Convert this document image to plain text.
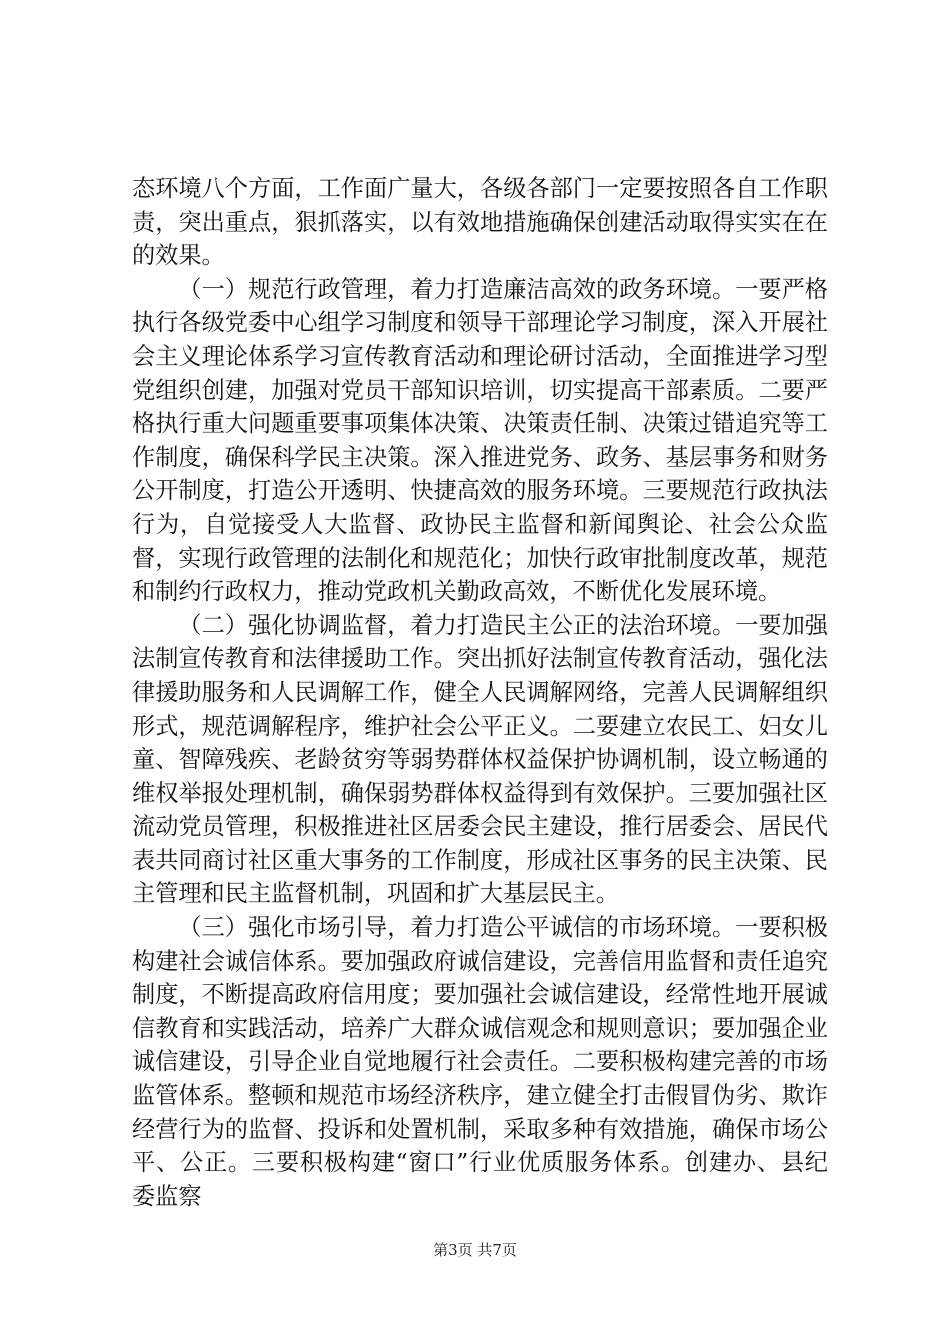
态环境八个方面，工作面广量大，各级各部门一定要按照各自工作职责，突出重点，狠抓落实，以有效地措施确保创建活动取得实实在在的效果。

（一）规范行政管理，着力打造廉洁高效的政务环境。一要严格执行各级党委中心组学习制度和领导干部理论学习制度，深入开展社会主义理论体系学习宣传教育活动和理论研讨活动，全面推进学习型党组织创建，加强对党员干部知识培训，切实提高干部素质。二要严格执行重大问题重要事项集体决策、决策责任制、决策过错追究等工作制度，确保科学民主决策。深入推进党务、政务、基层事务和财务公开制度，打造公开透明、快捷高效的服务环境。三要规范行政执法行为，自觉接受人大监督、政协民主监督和新闻舆论、社会公众监督，实现行政管理的法制化和规范化；加快行政审批制度改革，规范和制约行政权力，推动党政机关勤政高效，不断优化发展环境。

（二）强化协调监督，着力打造民主公正的法治环境。一要加强法制宣传教育和法律援助工作。突出抓好法制宣传教育活动，强化法律援助服务和人民调解工作，健全人民调解网络，完善人民调解组织形式，规范调解程序，维护社会公平正义。二要建立农民工、妇女儿童、智障残疾、老龄贫穷等弱势群体权益保护协调机制，设立畅通的维权举报处理机制，确保弱势群体权益得到有效保护。三要加强社区流动党员管理，积极推进社区居委会民主建设，推行居委会、居民代表共同商讨社区重大事务的工作制度，形成社区事务的民主决策、民主管理和民主监督机制，巩固和扩大基层民主。

（三）强化市场引导，着力打造公平诚信的市场环境。一要积极构建社会诚信体系。要加强政府诚信建设，完善信用监督和责任追究制度，不断提高政府信用度；要加强社会诚信建设，经常性地开展诚信教育和实践活动，培养广大群众诚信观念和规则意识；要加强企业诚信建设，引导企业自觉地履行社会责任。二要积极构建完善的市场监管体系。整顿和规范市场经济秩序，建立健全打击假冒伪劣、欺诈经营行为的监督、投诉和处置机制，采取多种有效措施，确保市场公平、公正。三要积极构建“窗口”行业优质服务体系。创建办、县纪委监察

第3页 共7页
